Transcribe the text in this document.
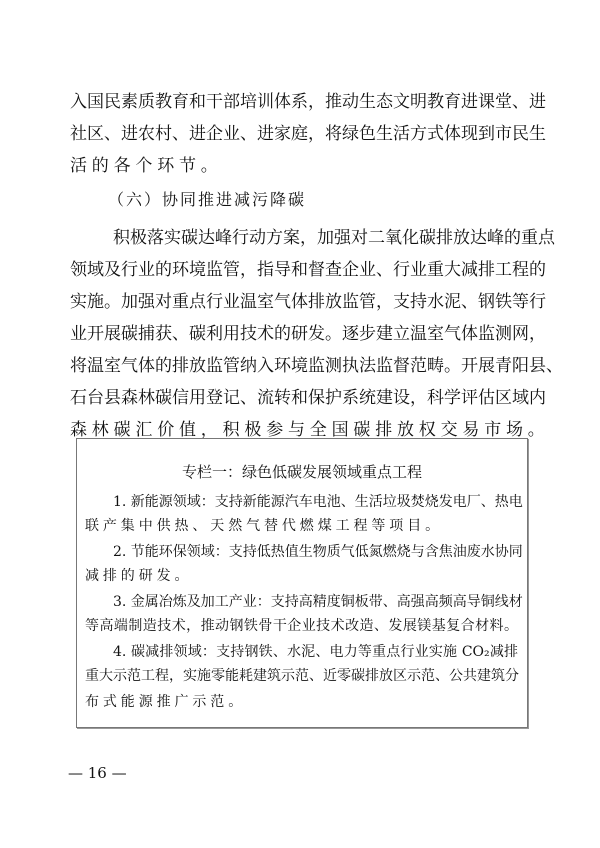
入国民素质教育和干部培训体系，推动生态文明教育进课堂、进
社区、进农村、进企业、进家庭，将绿色生活方式体现到市民生
活的各个环节。
（六）协同推进减污降碳
积极落实碳达峰行动方案，加强对二氧化碳排放达峰的重点
领域及行业的环境监管，指导和督查企业、行业重大减排工程的
实施。加强对重点行业温室气体排放监管，支持水泥、钢铁等行
业开展碳捕获、碳利用技术的研发。逐步建立温室气体监测网，
将温室气体的排放监管纳入环境监测执法监督范畴。开展青阳县、
石台县森林碳信用登记、流转和保护系统建设，科学评估区域内
森林碳汇价值，积极参与全国碳排放权交易市场。
专栏一：绿色低碳发展领域重点工程
1. 新能源领域：支持新能源汽车电池、生活垃圾焚烧发电厂、热电
联产集中供热、天然气替代燃煤工程等项目。
2. 节能环保领域：支持低热值生物质气低氮燃烧与含焦油废水协同
减排的研发。
3. 金属冶炼及加工产业：支持高精度铜板带、高强高频高导铜线材
等高端制造技术，推动钢铁骨干企业技术改造、发展镁基复合材料。
4. 碳减排领域：支持钢铁、水泥、电力等重点行业实施 CO₂减排
重大示范工程，实施零能耗建筑示范、近零碳排放区示范、公共建筑分
布式能源推广示范。
— 16 —
